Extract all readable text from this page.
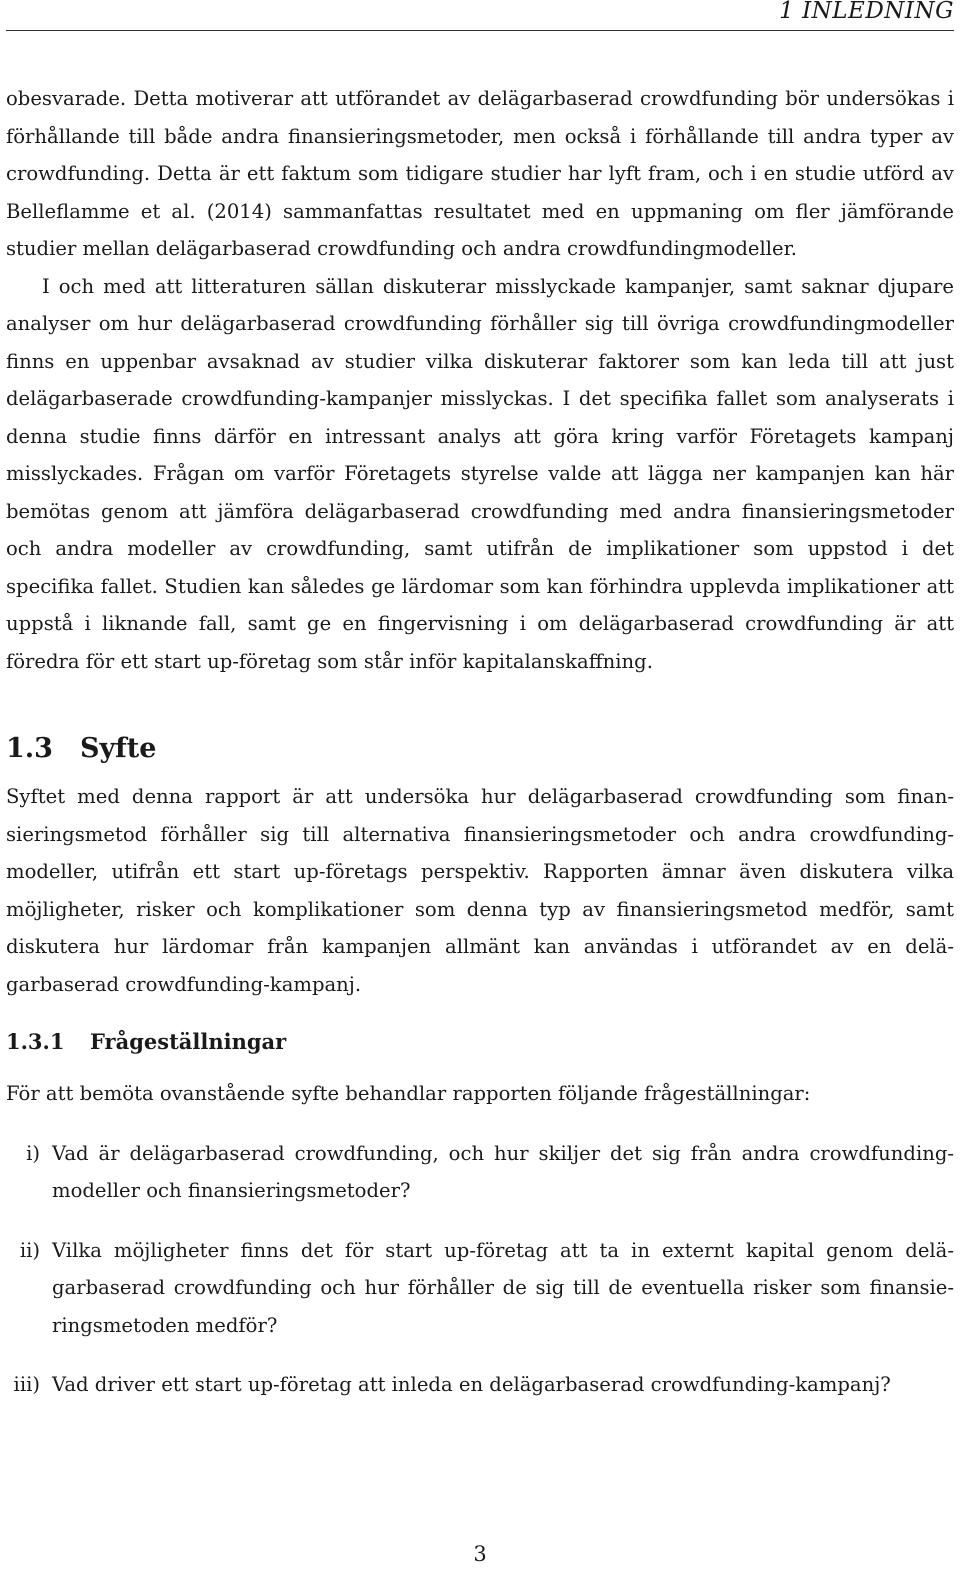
1 INLEDNING

obesvarade. Detta motiverar att utförandet av delägarbaserad crowdfunding bör undersökas i förhållande till både andra finansieringsmetoder, men också i förhållande till andra typer av crowdfunding. Detta är ett faktum som tidigare studier har lyft fram, och i en studie utförd av Belleflamme et al. (2014) sammanfattas resultatet med en uppmaning om fler jämförande studier mellan delägarbaserad crowdfunding och andra crowdfundingmodeller.

I och med att litteraturen sällan diskuterar misslyckade kampanjer, samt saknar djupare analyser om hur delägarbaserad crowdfunding förhåller sig till övriga crowdfundingmodeller finns en uppenbar avsaknad av studier vilka diskuterar faktorer som kan leda till att just delägarbaserade crowdfunding-kampanjer misslyckas. I det specifika fallet som analyserats i denna studie finns därför en intressant analys att göra kring varför Företagets kampanj misslyckades. Frågan om varför Företagets styrelse valde att lägga ner kampanjen kan här bemötas genom att jämföra delägarbaserad crowdfunding med andra finansieringsmetoder och andra modeller av crowdfunding, samt utifrån de implikationer som uppstod i det specifika fallet. Studien kan således ge lärdomar som kan förhindra upplevda implikationer att uppstå i liknande fall, samt ge en fingervisning i om delägarbaserad crowdfunding är att föredra för ett start up-företag som står inför kapitalanskaffning.

1.3 Syfte

Syftet med denna rapport är att undersöka hur delägarbaserad crowdfunding som finansieringsmetod förhåller sig till alternativa finansieringsmetoder och andra crowdfundingmodeller, utifrån ett start up-företags perspektiv. Rapporten ämnar även diskutera vilka möjligheter, risker och komplikationer som denna typ av finansieringsmetod medför, samt diskutera hur lärdomar från kampanjen allmänt kan användas i utförandet av en delägarbaserad crowdfunding-kampanj.

1.3.1 Frågeställningar

För att bemöta ovanstående syfte behandlar rapporten följande frågeställningar:

i) Vad är delägarbaserad crowdfunding, och hur skiljer det sig från andra crowdfundingmodeller och finansieringsmetoder?
ii) Vilka möjligheter finns det för start up-företag att ta in externt kapital genom delägarbaserad crowdfunding och hur förhåller de sig till de eventuella risker som finansieringsmetoden medför?
iii) Vad driver ett start up-företag att inleda en delägarbaserad crowdfunding-kampanj?
3
